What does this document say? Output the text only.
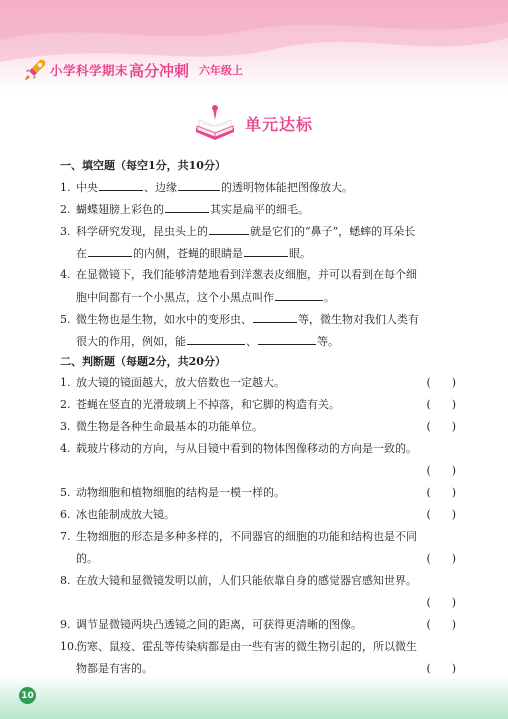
小学科学期末 高分冲刺 六年级上
单元达标
一、填空题（每空1分，共10分）
1. 中央	、边缘	的透明物体能把图像放大。
2. 蝴蝶翅膀上彩色的	其实是扁平的细毛。
3. 科学研究发现，昆虫头上的	就是它们的“鼻子”，蟋蟀的耳朵长
在	的内侧，苍蝇的眼睛是	眼。
4. 在显微镜下，我们能够清楚地看到洋葱表皮细胞，并可以看到在每个细
胞中间都有一个小黑点，这个小黑点叫作	。
5. 微生物也是生物，如水中的变形虫、	等，微生物对我们人类有
很大的作用，例如，能	、	等。
二、判断题（每题2分，共20分）
1. 放大镜的镜面越大，放大倍数也一定越大。	(      )
2. 苍蝇在竖直的光滑玻璃上不掉落，和它脚的构造有关。	(      )
3. 微生物是各种生命最基本的功能单位。	(      )
4. 载玻片移动的方向，与从目镜中看到的物体图像移动的方向是一致的。
(      )
5. 动物细胞和植物细胞的结构是一模一样的。	(      )
6. 冰也能制成放大镜。	(      )
7. 生物细胞的形态是多种多样的，不同器官的细胞的功能和结构也是不同
的。	(      )
8. 在放大镜和显微镜发明以前，人们只能依靠自身的感觉器官感知世界。
(      )
9. 调节显微镜两块凸透镜之间的距离，可获得更清晰的图像。	(      )
10.伤寒、鼠疫、霍乱等传染病都是由一些有害的微生物引起的，所以微生
物都是有害的。	(      )
10
